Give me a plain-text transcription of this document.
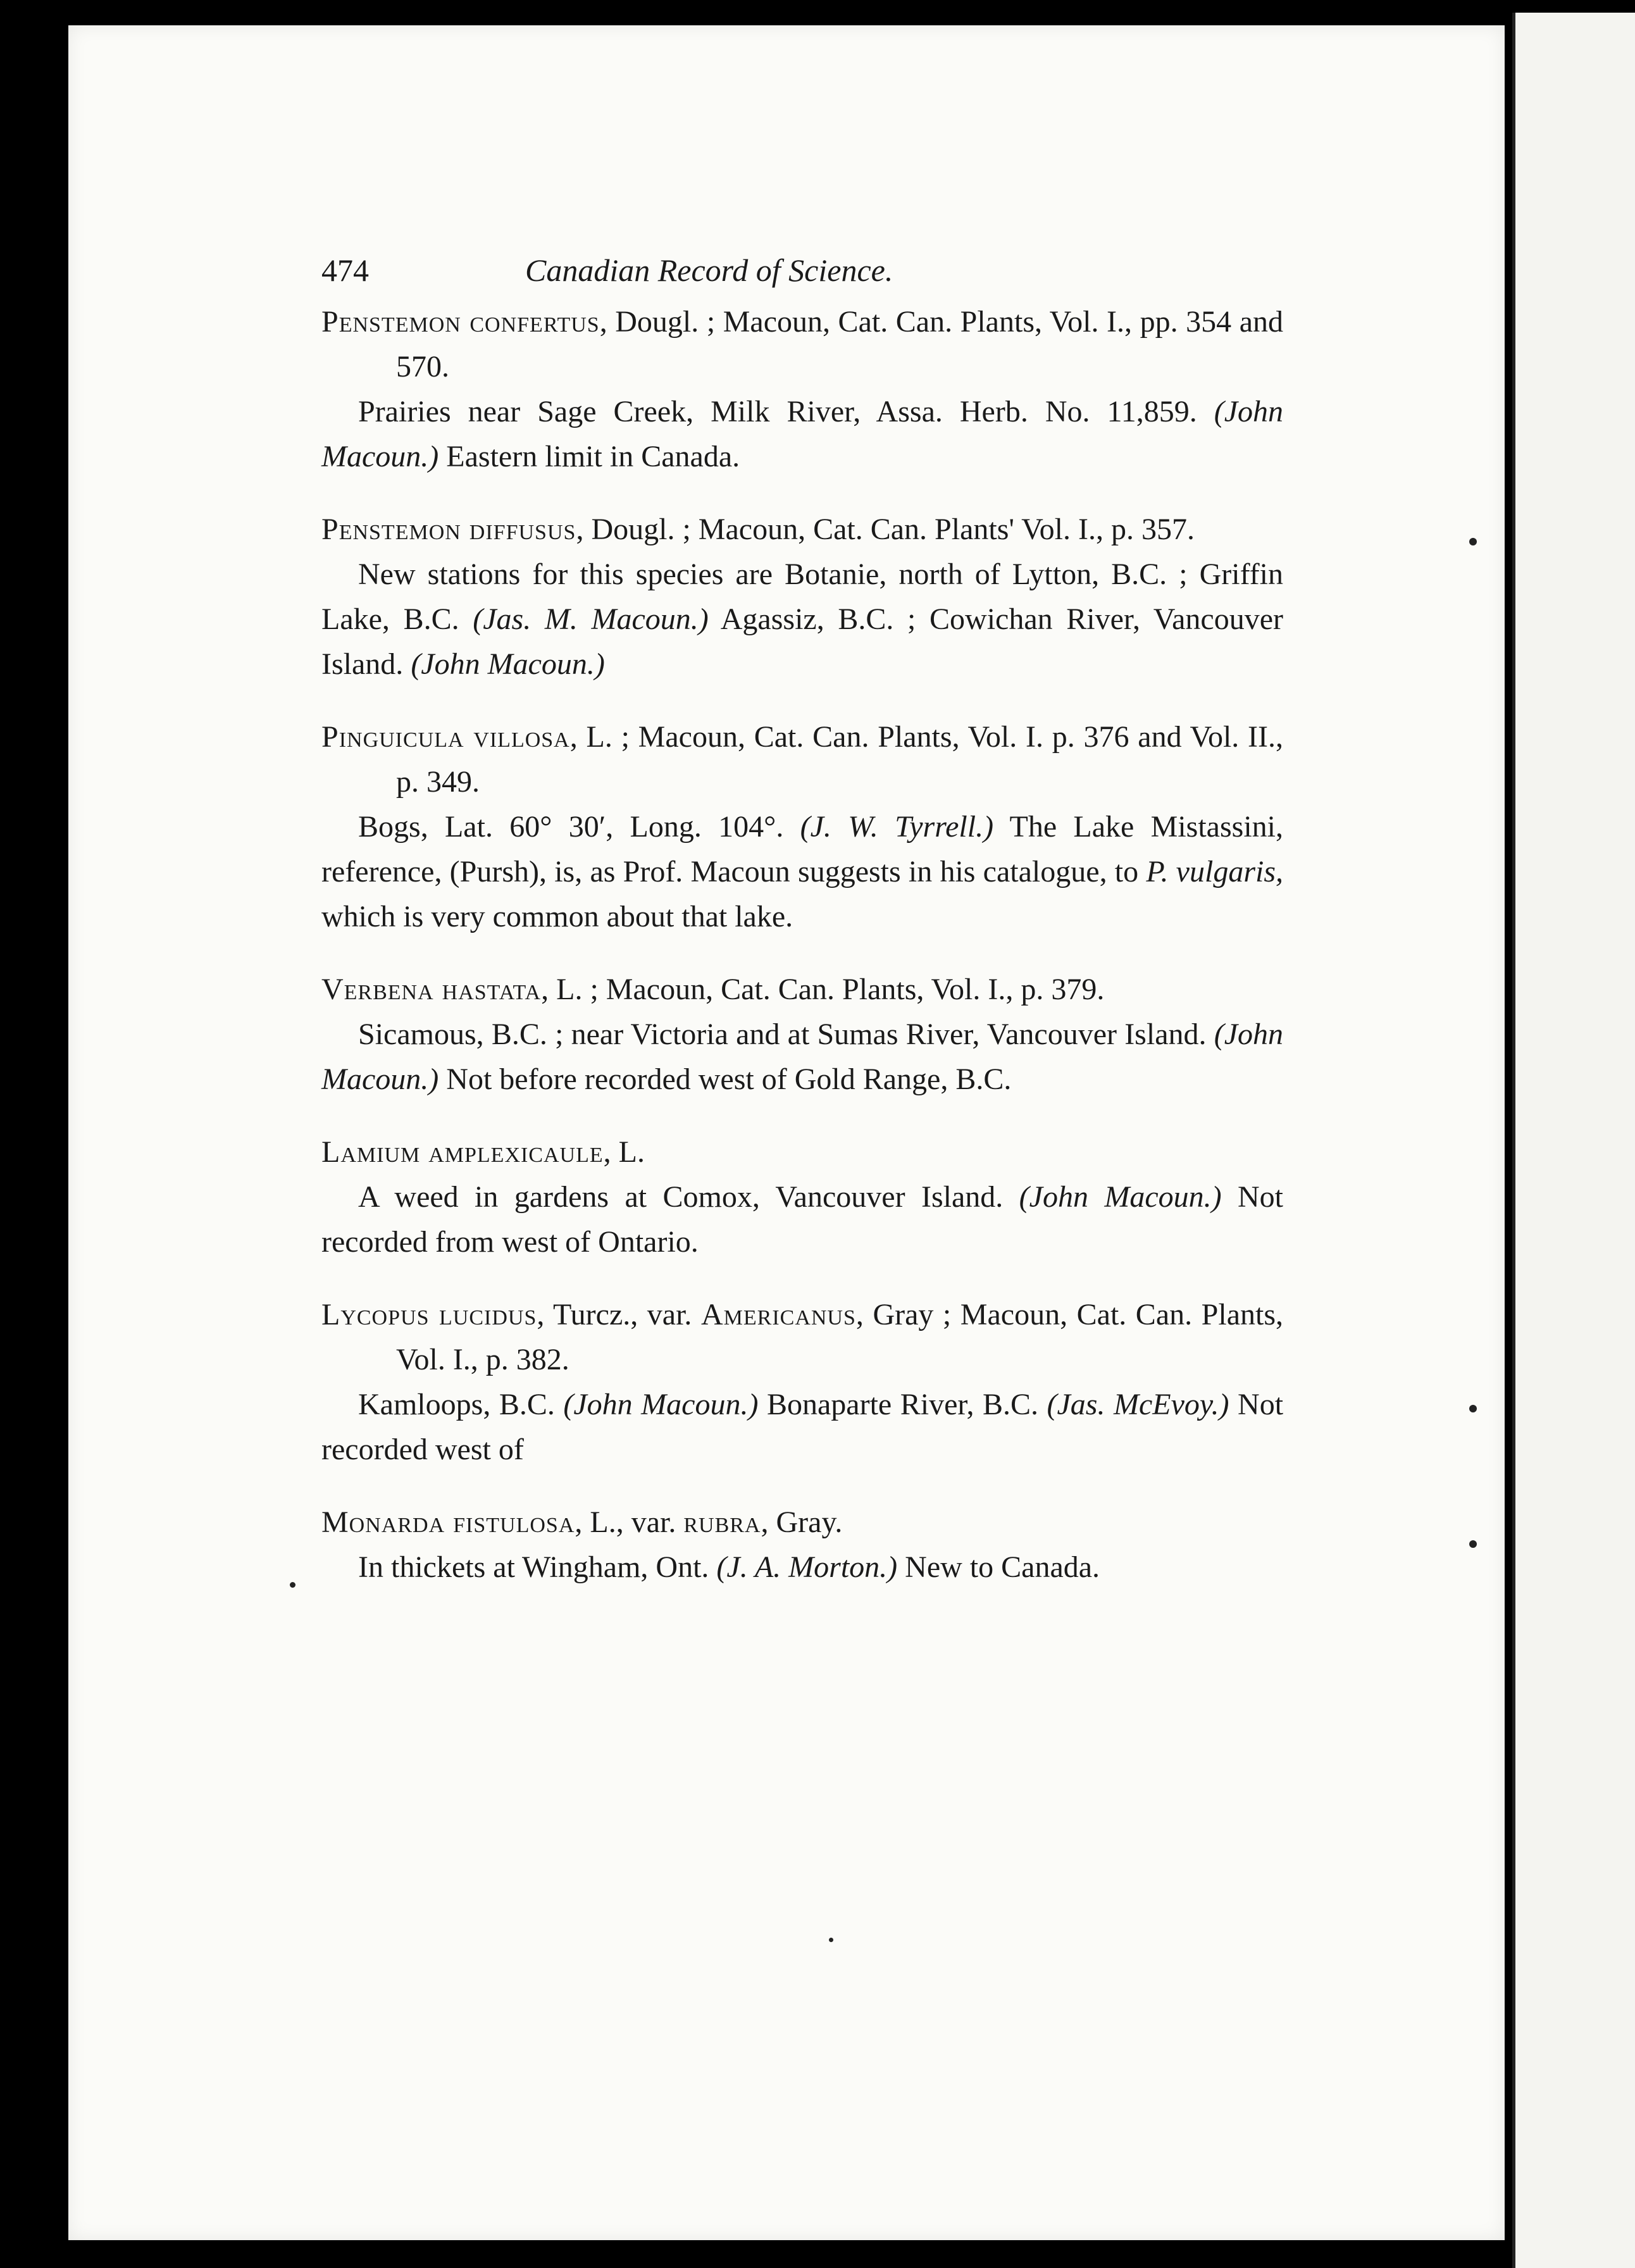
474	Canadian Record of Science.
Penstemon confertus, Dougl. ; Macoun, Cat. Can. Plants, Vol. I., pp. 354 and 570.
Prairies near Sage Creek, Milk River, Assa. Herb. No. 11,859. (John Macoun.) Eastern limit in Canada.
Penstemon diffusus, Dougl. ; Macoun, Cat. Can. Plants' Vol. I., p. 357.
New stations for this species are Botanie, north of Lytton, B.C. ; Griffin Lake, B.C. (Jas. M. Macoun.) Agassiz, B.C. ; Cowichan River, Vancouver Island. (John Macoun.)
Pinguicula villosa, L. ; Macoun, Cat. Can. Plants, Vol. I. p. 376 and Vol. II., p. 349.
Bogs, Lat. 60° 30′, Long. 104°. (J. W. Tyrrell.) The Lake Mistassini, reference, (Pursh), is, as Prof. Macoun suggests in his catalogue, to P. vulgaris, which is very common about that lake.
Verbena hastata, L. ; Macoun, Cat. Can. Plants, Vol. I., p. 379.
Sicamous, B.C. ; near Victoria and at Sumas River, Vancouver Island. (John Macoun.) Not before recorded west of Gold Range, B.C.
Lamium amplexicaule, L.
A weed in gardens at Comox, Vancouver Island. (John Macoun.) Not recorded from west of Ontario.
Lycopus lucidus, Turcz., var. Americanus, Gray ; Macoun, Cat. Can. Plants, Vol. I., p. 382.
Kamloops, B.C. (John Macoun.) Bonaparte River, B.C. (Jas. McEvoy.) Not recorded west of
Monarda fistulosa, L., var. rubra, Gray.
In thickets at Wingham, Ont. (J. A. Morton.) New to Canada.
